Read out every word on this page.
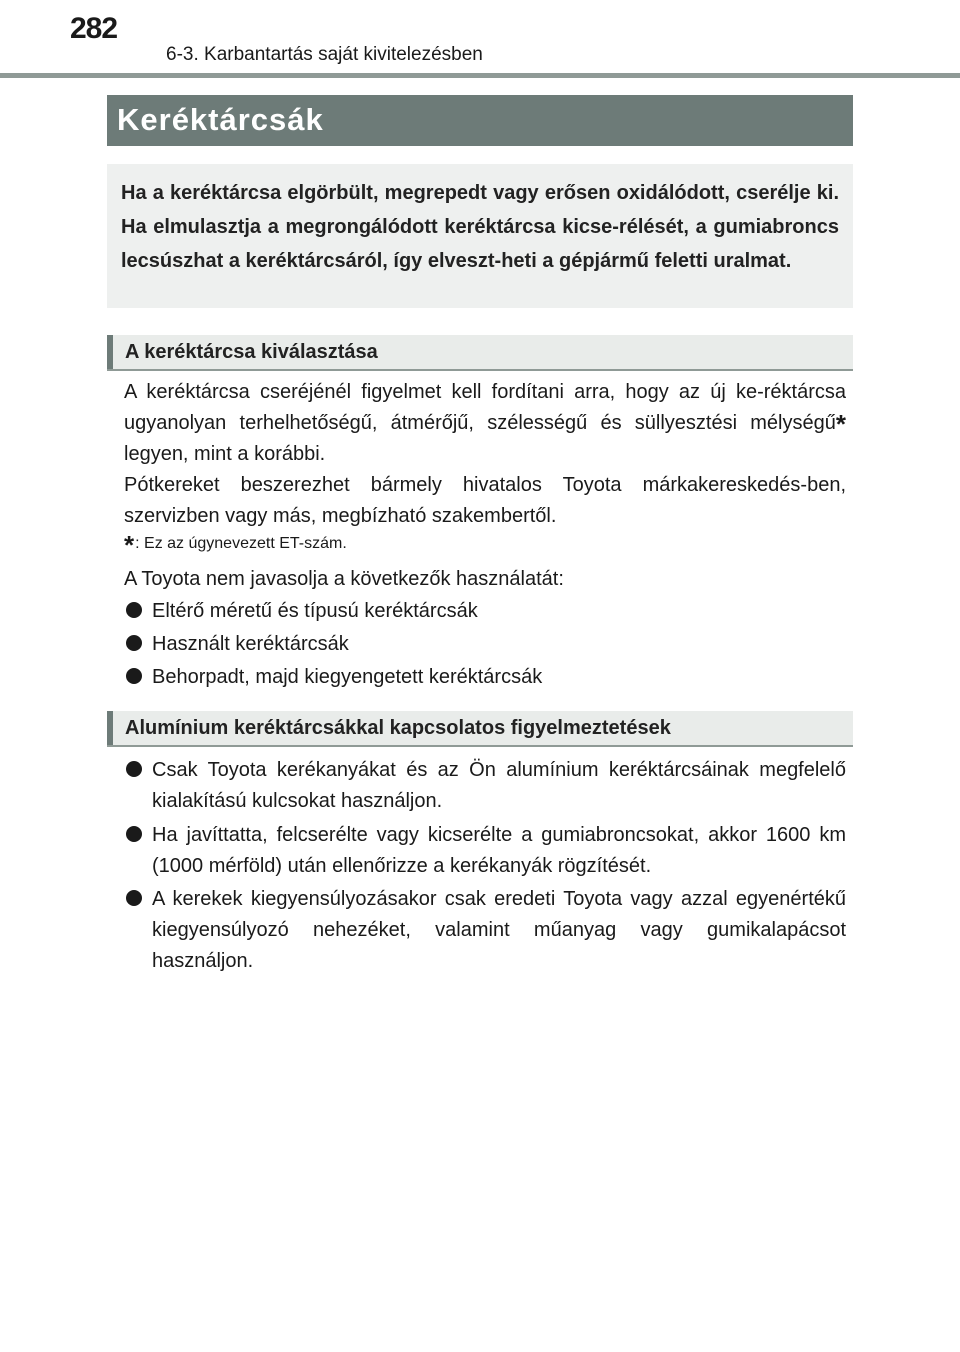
282
6-3. Karbantartás saját kivitelezésben
Keréktárcsák

Ha a keréktárcsa elgörbült, megrepedt vagy erősen oxidálódott, cserélje ki. Ha elmulasztja a megrongálódott keréktárcsa kicse-rélését, a gumiabroncs lecsúszhat a keréktárcsáról, így elveszt-heti a gépjármű feletti uralmat.

A keréktárcsa kiválasztása

A keréktárcsa cseréjénél figyelmet kell fordítani arra, hogy az új ke-réktárcsa ugyanolyan terhelhetőségű, átmérőjű, szélességű és süllyesztési mélységű* legyen, mint a korábbi.

Pótkereket beszerezhet bármely hivatalos Toyota márkakereskedés-ben, szervizben vagy más, megbízható szakembertől.

*: Ez az úgynevezett ET-szám.
A Toyota nem javasolja a következők használatát:
Eltérő méretű és típusú keréktárcsák
Használt keréktárcsák
Behorpadt, majd kiegyengetett keréktárcsák
Alumínium keréktárcsákkal kapcsolatos figyelmeztetések
Csak Toyota kerékanyákat és az Ön alumínium keréktárcsáinak megfelelő kialakítású kulcsokat használjon.
Ha javíttatta, felcserélte vagy kicserélte a gumiabroncsokat, akkor 1600 km (1000 mérföld) után ellenőrizze a kerékanyák rögzítését.
A kerekek kiegyensúlyozásakor csak eredeti Toyota vagy azzal egyenértékű kiegyensúlyozó nehezéket, valamint műanyag vagy gumikalapácsot használjon.
